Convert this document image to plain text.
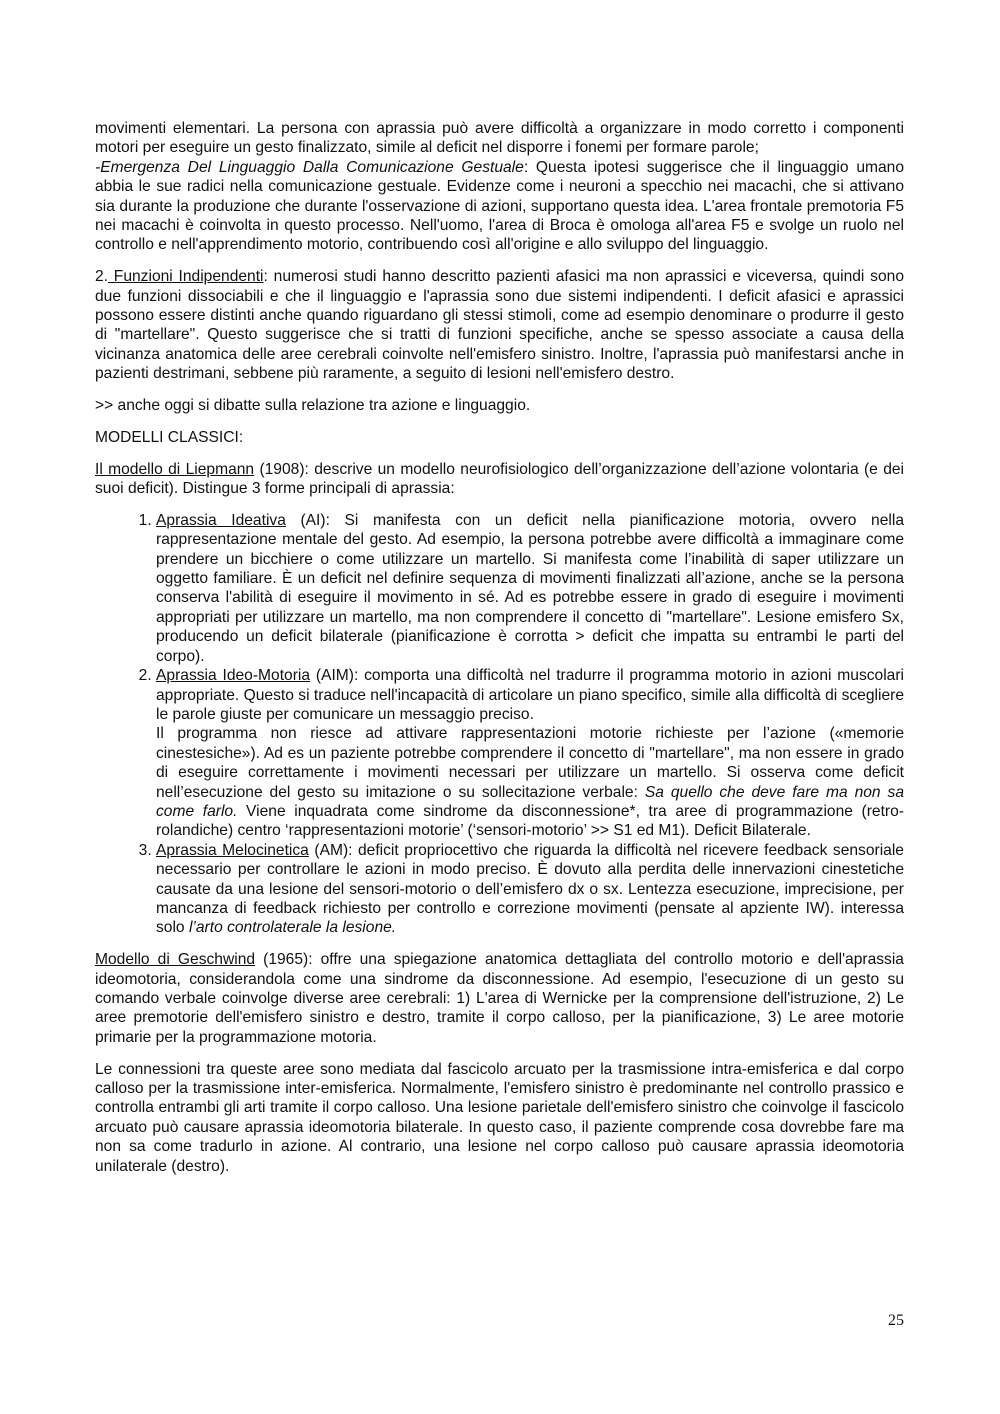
movimenti elementari. La persona con aprassia può avere difficoltà a organizzare in modo corretto i componenti motori per eseguire un gesto finalizzato, simile al deficit nel disporre i fonemi per formare parole;
-Emergenza Del Linguaggio Dalla Comunicazione Gestuale: Questa ipotesi suggerisce che il linguaggio umano abbia le sue radici nella comunicazione gestuale. Evidenze come i neuroni a specchio nei macachi, che si attivano sia durante la produzione che durante l'osservazione di azioni, supportano questa idea. L'area frontale premotoria F5 nei macachi è coinvolta in questo processo. Nell'uomo, l'area di Broca è omologa all'area F5 e svolge un ruolo nel controllo e nell'apprendimento motorio, contribuendo così all'origine e allo sviluppo del linguaggio.

2. Funzioni Indipendenti: numerosi studi hanno descritto pazienti afasici ma non aprassici e viceversa, quindi sono due funzioni dissociabili e che il linguaggio e l'aprassia sono due sistemi indipendenti. I deficit afasici e aprassici possono essere distinti anche quando riguardano gli stessi stimoli, come ad esempio denominare o produrre il gesto di "martellare". Questo suggerisce che si tratti di funzioni specifiche, anche se spesso associate a causa della vicinanza anatomica delle aree cerebrali coinvolte nell'emisfero sinistro. Inoltre, l'aprassia può manifestarsi anche in pazienti destrimani, sebbene più raramente, a seguito di lesioni nell'emisfero destro.

>> anche oggi si dibatte sulla relazione tra azione e linguaggio.

MODELLI CLASSICI:

Il modello di Liepmann (1908): descrive un modello neurofisiologico dell’organizzazione dell’azione volontaria (e dei suoi deficit). Distingue 3 forme principali di aprassia:

1. Aprassia Ideativa (AI): Si manifesta con un deficit nella pianificazione motoria, ovvero nella rappresentazione mentale del gesto. Ad esempio, la persona potrebbe avere difficoltà a immaginare come prendere un bicchiere o come utilizzare un martello. Si manifesta come l’inabilità di saper utilizzare un oggetto familiare. È un deficit nel definire sequenza di movimenti finalizzati all’azione, anche se la persona conserva l'abilità di eseguire il movimento in sé. Ad es potrebbe essere in grado di eseguire i movimenti appropriati per utilizzare un martello, ma non comprendere il concetto di "martellare". Lesione emisfero Sx, producendo un deficit bilaterale (pianificazione è corrotta > deficit che impatta su entrambi le parti del corpo).
2. Aprassia Ideo-Motoria (AIM): comporta una difficoltà nel tradurre il programma motorio in azioni muscolari appropriate. Questo si traduce nell'incapacità di articolare un piano specifico, simile alla difficoltà di scegliere le parole giuste per comunicare un messaggio preciso.
Il programma non riesce ad attivare rappresentazioni motorie richieste per l’azione («memorie cinestesiche»). Ad es un paziente potrebbe comprendere il concetto di "martellare", ma non essere in grado di eseguire correttamente i movimenti necessari per utilizzare un martello. Si osserva come deficit nell’esecuzione del gesto su imitazione o su sollecitazione verbale: Sa quello che deve fare ma non sa come farlo. Viene inquadrata come sindrome da disconnessione*, tra aree di programmazione (retro-rolandiche) centro ‘rappresentazioni motorie’ (‘sensori-motorio’ >> S1 ed M1). Deficit Bilaterale.
3. Aprassia Melocinetica (AM): deficit propriocettivo che riguarda la difficoltà nel ricevere feedback sensoriale necessario per controllare le azioni in modo preciso. È dovuto alla perdita delle innervazioni cinestetiche causate da una lesione del sensori-motorio o dell’emisfero dx o sx. Lentezza esecuzione, imprecisione, per mancanza di feedback richiesto per controllo e correzione movimenti (pensate al apziente IW). interessa solo l’arto controlaterale la lesione.

Modello di Geschwind (1965): offre una spiegazione anatomica dettagliata del controllo motorio e dell'aprassia ideomotoria, considerandola come una sindrome da disconnessione. Ad esempio, l'esecuzione di un gesto su comando verbale coinvolge diverse aree cerebrali: 1) L'area di Wernicke per la comprensione dell'istruzione, 2) Le aree premotorie dell'emisfero sinistro e destro, tramite il corpo calloso, per la pianificazione, 3) Le aree motorie primarie per la programmazione motoria.

Le connessioni tra queste aree sono mediata dal fascicolo arcuato per la trasmissione intra-emisferica e dal corpo calloso per la trasmissione inter-emisferica. Normalmente, l'emisfero sinistro è predominante nel controllo prassico e controlla entrambi gli arti tramite il corpo calloso. Una lesione parietale dell'emisfero sinistro che coinvolge il fascicolo arcuato può causare aprassia ideomotoria bilaterale. In questo caso, il paziente comprende cosa dovrebbe fare ma non sa come tradurlo in azione. Al contrario, una lesione nel corpo calloso può causare aprassia ideomotoria unilaterale (destro).

25
